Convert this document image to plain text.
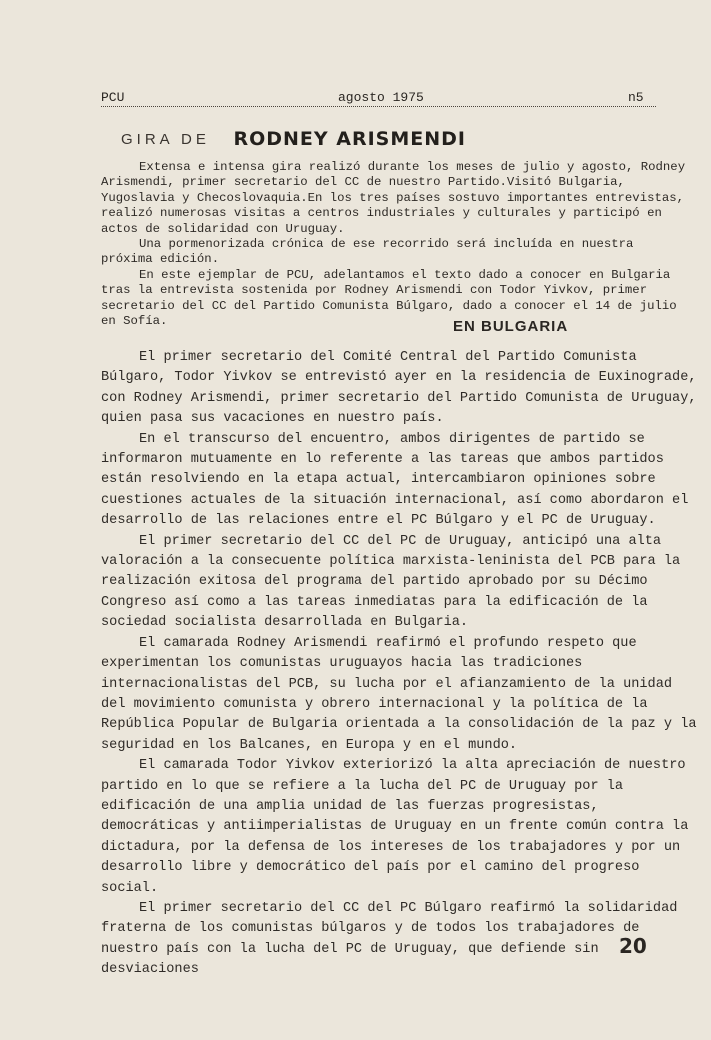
PCU	agosto 1975	n5
GIRA DE RODNEY ARISMENDI

Extensa e intensa gira realizó durante los meses de julio y agosto, Rodney Arismendi, primer secretario del CC de nuestro Partido.Visitó Bulgaria, Yugoslavia y Checoslovaquia.En los tres países sostuvo importantes entrevistas, realizó numerosas visitas a centros industriales y culturales y participó en actos de solidaridad con Uruguay.

Una pormenorizada crónica de ese recorrido será incluída en nuestra próxima edición.

En este ejemplar de PCU, adelantamos el texto dado a conocer en Bulgaria tras la entrevista sostenida por Rodney Arismendi con Todor Yivkov, primer secretario del CC del Partido Comunista Búlgaro, dado a conocer el 14 de julio en Sofía.	EN BULGARIA

El primer secretario del Comité Central del Partido Comunista Búlgaro, Todor Yivkov se entrevistó ayer en la residencia de Euxinograde, con Rodney Arismendi, primer secretario del Partido Comunista de Uruguay, quien pasa sus vacaciones en nuestro país.

En el transcurso del encuentro, ambos dirigentes de partido se informaron mutuamente en lo referente a las tareas que ambos partidos están resolviendo en la etapa actual, intercambiaron opiniones sobre cuestiones actuales de la situación internacional, así como abordaron el desarrollo de las relaciones entre el PC Búlgaro y el PC de Uruguay.

El primer secretario del CC del PC de Uruguay, anticipó una alta valoración a la consecuente política marxista-leninista del PCB para la realización exitosa del programa del partido aprobado por su Décimo Congreso así como a las tareas inmediatas para la edificación de la sociedad socialista desarrollada en Bulgaria.

El camarada Rodney Arismendi reafirmó el profundo respeto que experimentan los comunistas uruguayos hacia las tradiciones internacionalistas del PCB, su lucha por el afianzamiento de la unidad del movimiento comunista y obrero internacional y la política de la República Popular de Bulgaria orientada a la consolidación de la paz y la seguridad en los Balcanes, en Europa y en el mundo.

El camarada Todor Yivkov exteriorizó la alta apreciación de nuestro partido en lo que se refiere a la lucha del PC de Uruguay por la edificación de una amplia unidad de las fuerzas progresistas, democráticas y antiimperialistas de Uruguay en un frente común contra la dictadura, por la defensa de los intereses de los trabajadores y por un desarrollo libre y democrático del país por el camino del progreso social.

El primer secretario del CC del PC Búlgaro reafirmó la solidaridad fraterna de los comunistas búlgaros y de todos los trabajadores de nuestro país con la lucha del PC de Uruguay, que defiende sin desviaciones

20
